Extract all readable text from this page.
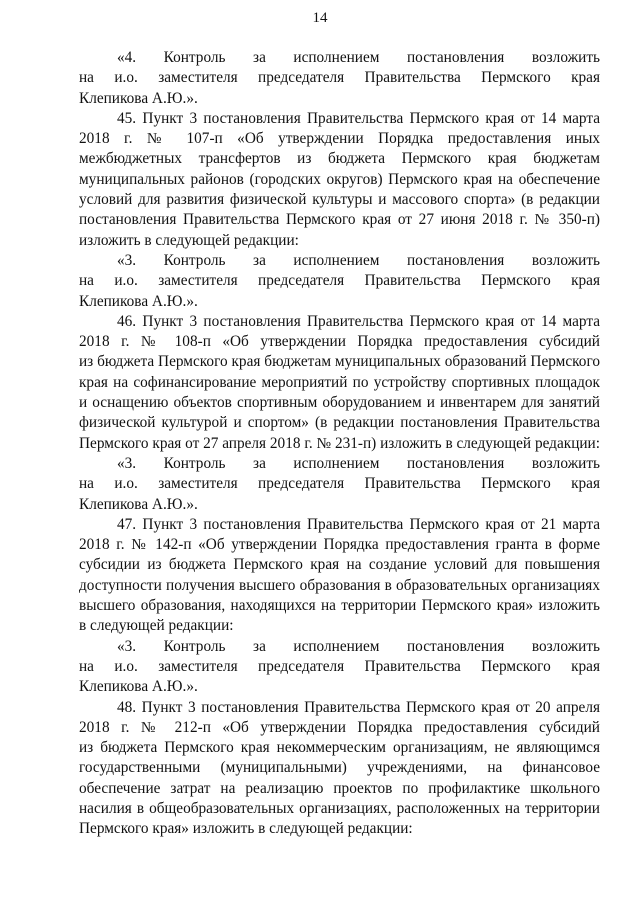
14
«4. Контроль за исполнением постановления возложить
на и.о. заместителя председателя Правительства Пермского края
Клепикова А.Ю.».
45. Пункт 3 постановления Правительства Пермского края от 14 марта
2018 г. № 107-п «Об утверждении Порядка предоставления иных
межбюджетных трансфертов из бюджета Пермского края бюджетам
муниципальных районов (городских округов) Пермского края на обеспечение
условий для развития физической культуры и массового спорта» (в редакции
постановления Правительства Пермского края от 27 июня 2018 г. № 350-п)
изложить в следующей редакции:
«3. Контроль за исполнением постановления возложить
на и.о. заместителя председателя Правительства Пермского края
Клепикова А.Ю.».
46. Пункт 3 постановления Правительства Пермского края от 14 марта
2018 г. № 108-п «Об утверждении Порядка предоставления субсидий
из бюджета Пермского края бюджетам муниципальных образований Пермского
края на софинансирование мероприятий по устройству спортивных площадок
и оснащению объектов спортивным оборудованием и инвентарем для занятий
физической культурой и спортом» (в редакции постановления Правительства
Пермского края от 27 апреля 2018 г. № 231-п) изложить в следующей редакции:
«3. Контроль за исполнением постановления возложить
на и.о. заместителя председателя Правительства Пермского края
Клепикова А.Ю.».
47. Пункт 3 постановления Правительства Пермского края от 21 марта
2018 г. № 142-п «Об утверждении Порядка предоставления гранта в форме
субсидии из бюджета Пермского края на создание условий для повышения
доступности получения высшего образования в образовательных организациях
высшего образования, находящихся на территории Пермского края» изложить
в следующей редакции:
«3. Контроль за исполнением постановления возложить
на и.о. заместителя председателя Правительства Пермского края
Клепикова А.Ю.».
48. Пункт 3 постановления Правительства Пермского края от 20 апреля
2018 г. № 212-п «Об утверждении Порядка предоставления субсидий
из бюджета Пермского края некоммерческим организациям, не являющимся
государственными (муниципальными) учреждениями, на финансовое
обеспечение затрат на реализацию проектов по профилактике школьного
насилия в общеобразовательных организациях, расположенных на территории
Пермского края» изложить в следующей редакции:
